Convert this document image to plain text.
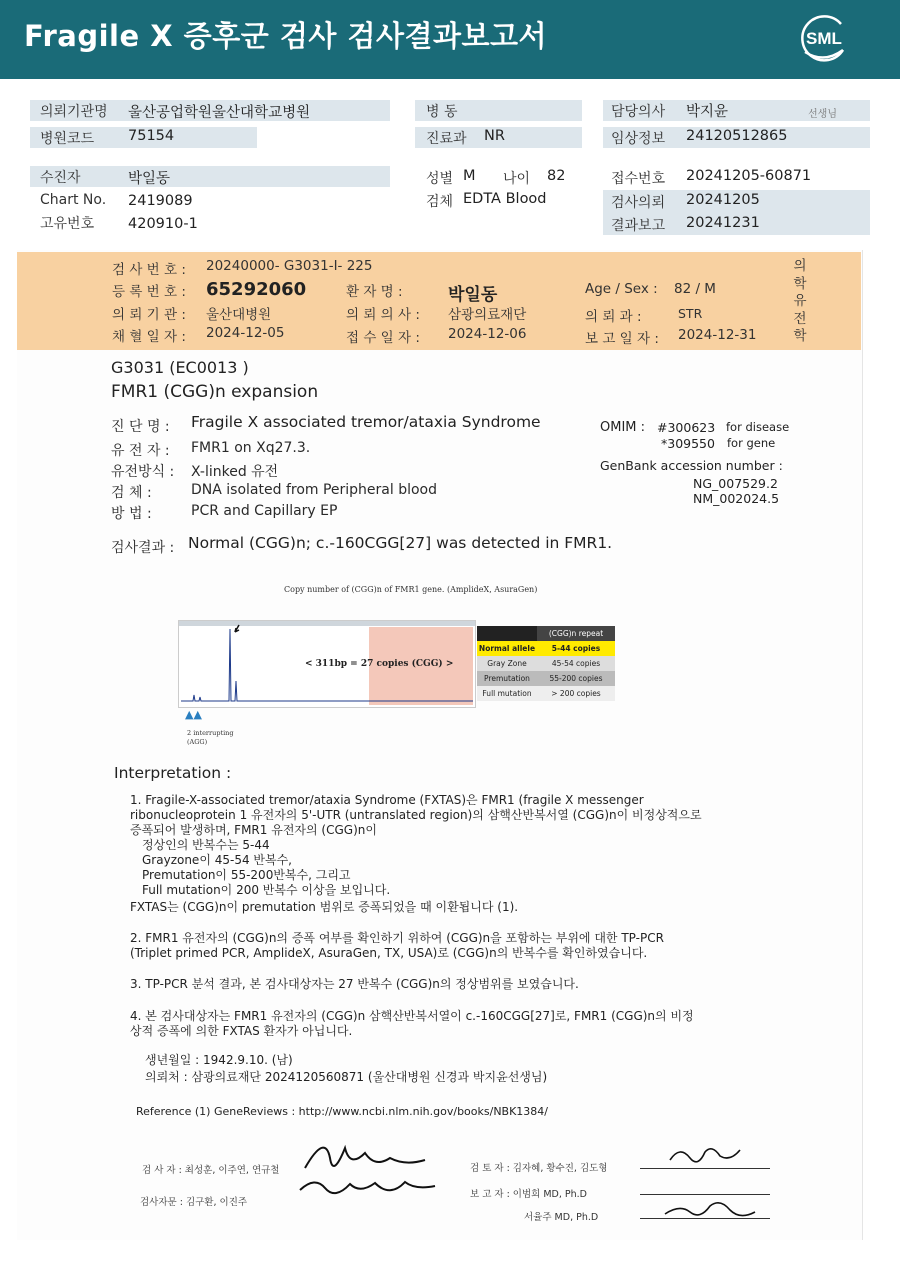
Fragile X 증후군 검사 검사결과보고서	SML
의뢰기관명 울산공업학원울산대학교병원
병원코드 75154
병 동
진료과 NR
담당의사 박지윤	선생님
임상정보 24120512865
수진자	박일동
Chart No. 2419089
고유번호 420910-1
성별 M 나이 82
검체 EDTA Blood
접수번호 20241205-60871
검사의뢰 20241205
결과보고 20241231
검 사 번 호 : 20240000- G3031-I- 225
등 록 번 호 : 65292060	환 자 명 :	박일동	Age / Sex : 82 / M
의 뢰 기 관 : 울산대병원	의 뢰 의 사 : 삼광의료재단	의 뢰 과 :	STR
채 혈 일 자 : 2024-12-05	접 수 일 자 : 2024-12-06	보 고 일 자 : 2024-12-31
의
학
유
전
학
G3031 (EC0013 )
FMR1 (CGG)n expansion
진 단 명 : Fragile X associated tremor/ataxia Syndrome
유 전 자 : FMR1 on Xq27.3.
유전방식 : X-linked 유전
검 체 :	DNA isolated from Peripheral blood
방 법 :	PCR and Capillary EP
OMIM : #300623 for disease
*309550 for gene
GenBank accession number :
NG_007529.2
NM_002024.5
검사결과 : Normal (CGG)n; c.-160CGG[27] was detected in FMR1.
Copy number of (CGG)n of FMR1 gene. (AmplideX, AsuraGen)
< 311bp = 27 copies (CGG) >
▲▲
2 interrupting
(AGG)
(CGG)n repeat
Normal allele	5-44 copies
Gray Zone	45-54 copies
Premutation	55-200 copies
Full mutation	> 200 copies
Interpretation :
1. Fragile-X-associated tremor/ataxia Syndrome (FXTAS)은 FMR1 (fragile X messenger
ribonucleoprotein 1 유전자의 5'-UTR (untranslated region)의 삼핵산반복서열 (CGG)n이 비정상적으로
증폭되어 발생하며, FMR1 유전자의 (CGG)n이
정상인의 반복수는 5-44
Grayzone이 45-54 반복수,
Premutation이 55-200반복수, 그리고
Full mutation이 200 반복수 이상을 보입니다.
FXTAS는 (CGG)n이 premutation 범위로 증폭되었을 때 이환됩니다 (1).
2. FMR1 유전자의 (CGG)n의 증폭 여부를 확인하기 위하여 (CGG)n을 포함하는 부위에 대한 TP-PCR
(Triplet primed PCR, AmplideX, AsuraGen, TX, USA)로 (CGG)n의 반복수를 확인하였습니다.
3. TP-PCR 분석 결과, 본 검사대상자는 27 반복수 (CGG)n의 정상범위를 보였습니다.
4. 본 검사대상자는 FMR1 유전자의 (CGG)n 삼핵산반복서열이 c.-160CGG[27]로, FMR1 (CGG)n의 비정
상적 증폭에 의한 FXTAS 환자가 아닙니다.
생년월일 : 1942.9.10. (남)
의뢰처 : 삼광의료재단 2024120560871 (울산대병원 신경과 박지윤선생님)
Reference (1) GeneReviews : http://www.ncbi.nlm.nih.gov/books/NBK1384/
검 사 자 : 최성훈, 이주연, 연규철
검사자문 : 김구환, 이진주
검 토 자 : 김자혜, 황수진, 김도형
보 고 자 : 이범희 MD, Ph.D
서율주 MD, Ph.D
